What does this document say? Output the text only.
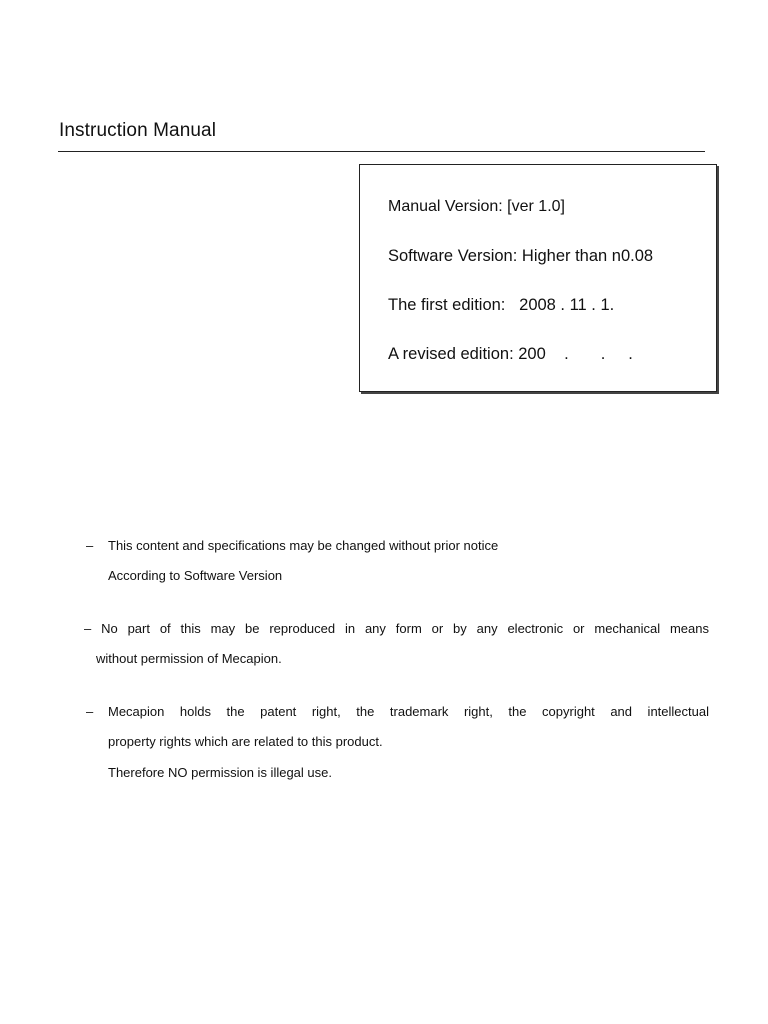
Instruction Manual
Manual Version: [ver 1.0]
Software Version: Higher than n0.08
The first edition:   2008 . 11 . 1.
A revised edition: 200    .       .     .
– This content and specifications may be changed without prior notice
According to Software Version
– No part of this may be reproduced in any form or by any electronic or mechanical means
without permission of Mecapion.
– Mecapion holds the patent right, the trademark right, the copyright and intellectual
property rights which are related to this product.
Therefore NO permission is illegal use.
